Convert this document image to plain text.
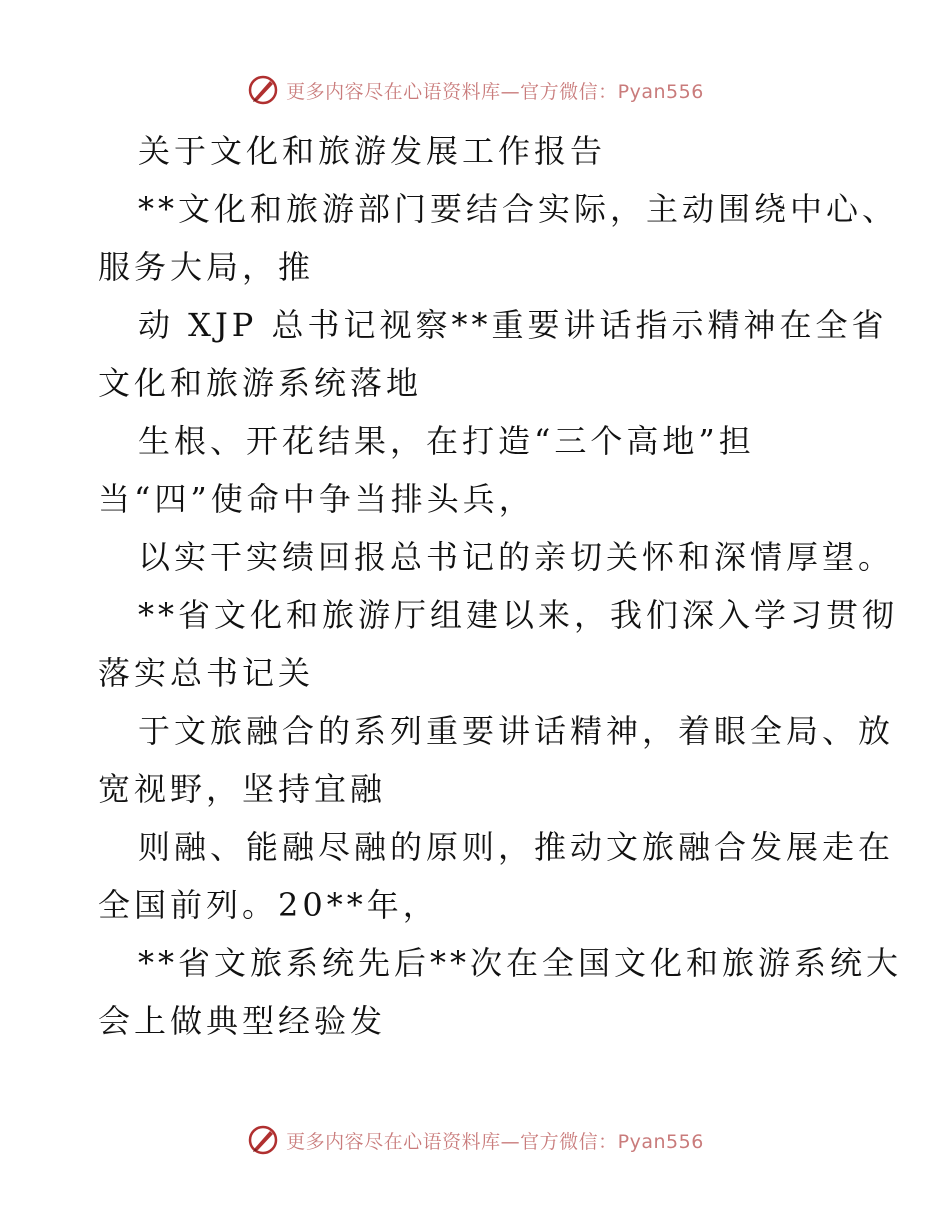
更多内容尽在心语资料库—官方微信：Pyan556
关于文化和旅游发展工作报告
**文化和旅游部门要结合实际，主动围绕中心、
服务大局，推
动 XJP 总书记视察**重要讲话指示精神在全省
文化和旅游系统落地
生根、开花结果，在打造“三个高地”担
当“四”使命中争当排头兵，
以实干实绩回报总书记的亲切关怀和深情厚望。
**省文化和旅游厅组建以来，我们深入学习贯彻
落实总书记关
于文旅融合的系列重要讲话精神，着眼全局、放
宽视野，坚持宜融
则融、能融尽融的原则，推动文旅融合发展走在
全国前列。20**年，
**省文旅系统先后**次在全国文化和旅游系统大
会上做典型经验发
更多内容尽在心语资料库—官方微信：Pyan556
